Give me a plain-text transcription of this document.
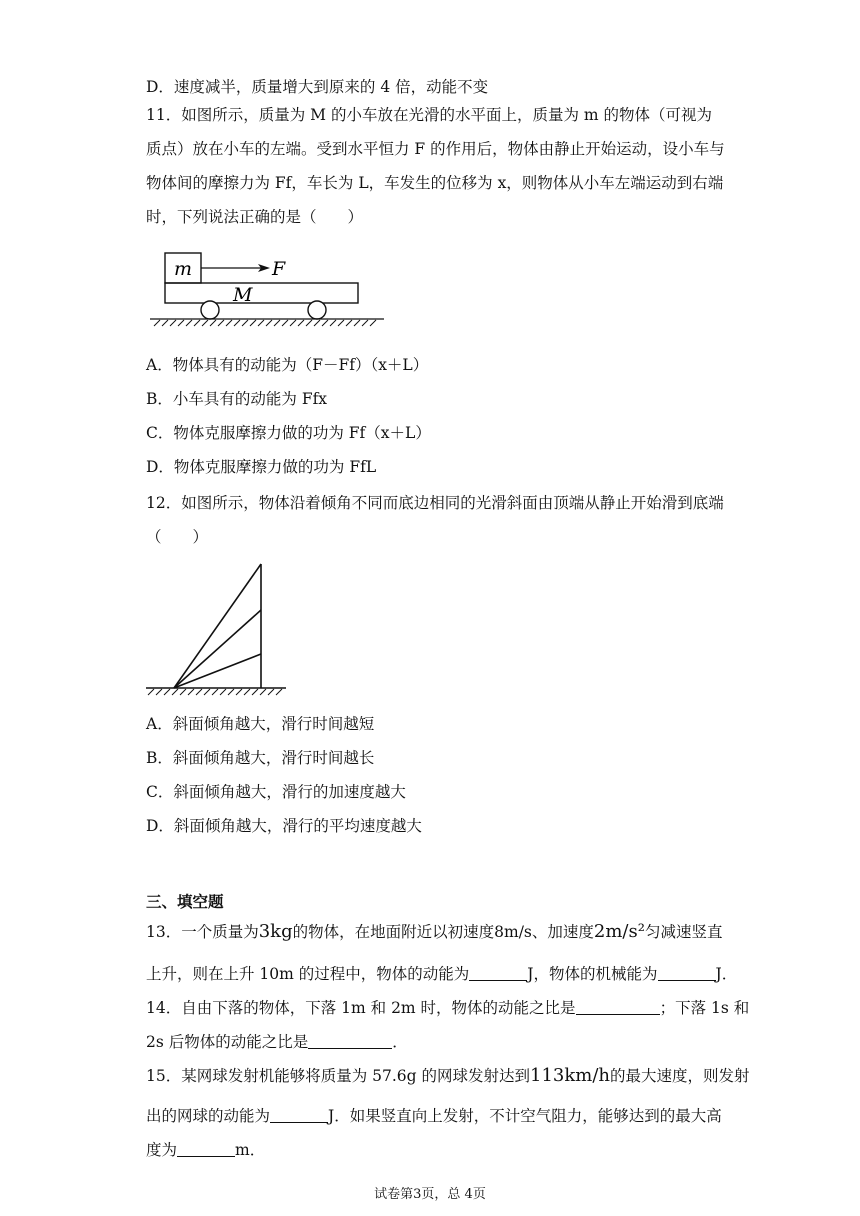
D．速度减半，质量增大到原来的 4 倍，动能不变
11．如图所示，质量为 M 的小车放在光滑的水平面上，质量为 m 的物体（可视为质点）放在小车的左端。受到水平恒力 F 的作用后，物体由静止开始运动，设小车与物体间的摩擦力为 Ff，车长为 L，车发生的位移为 x，则物体从小车左端运动到右端时，下列说法正确的是（　　）
m	F
M
A．物体具有的动能为（F－Ff）（x＋L）
B．小车具有的动能为 Ffx
C．物体克服摩擦力做的功为 Ff（x＋L）
D．物体克服摩擦力做的功为 FfL
12．如图所示，物体沿着倾角不同而底边相同的光滑斜面由顶端从静止开始滑到底端（　　）
A．斜面倾角越大，滑行时间越短
B．斜面倾角越大，滑行时间越长
C．斜面倾角越大，滑行的加速度越大
D．斜面倾角越大，滑行的平均速度越大
三、填空题
13．一个质量为3kg的物体，在地面附近以初速度8m/s、加速度2m/s²匀减速竖直
上升，则在上升 10m 的过程中，物体的动能为	J，物体的机械能为	J．
14．自由下落的物体，下落 1m 和 2m 时，物体的动能之比是	；下落 1s 和
2s 后物体的动能之比是	．
15．某网球发射机能够将质量为 57.6g 的网球发射达到113km/h的最大速度，则发射
出的网球的动能为	J．如果竖直向上发射，不计空气阻力，能够达到的最大高
度为	m．
试卷第3页，总 4页
